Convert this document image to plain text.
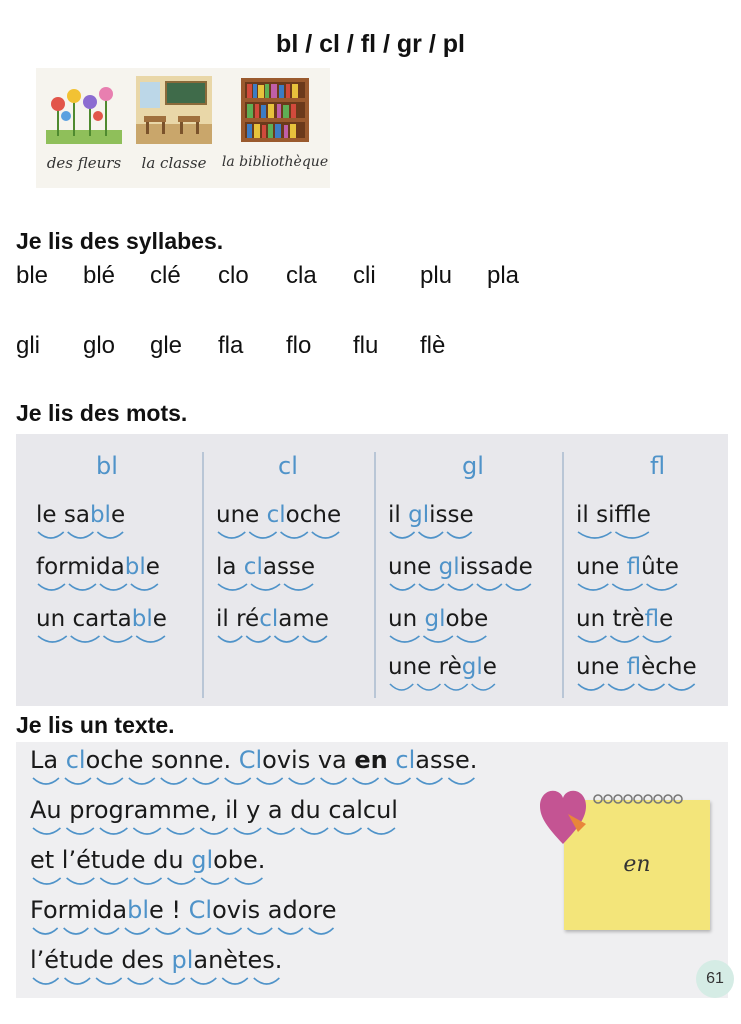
bl / cl / fl / gr / pl
des fleurs	la classe	la bibliothèque
Je lis des syllabes.
ble blé clé clo cla cli plu pla
gli glo gle fla flo flu flè
Je lis des mots.
bl
le sable
formidable
un cartable
cl
une cloche
la classe
il réclame
gl
il glisse
une glissade
un globe
une règle
fl
il sife
une flûte
un trèfle
une flèche
Je lis un texte.
en
La cloche sonne. Clovis va en classe.
Au programme, il y a du calcul
et l’étude du globe.
Formidable ! Clovis adore
l’étude des planètes.
61
